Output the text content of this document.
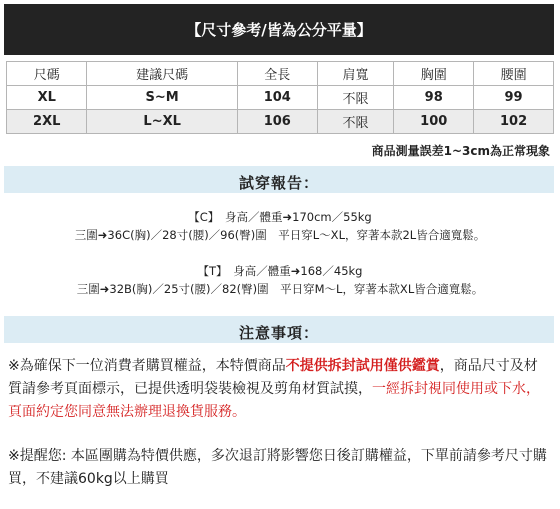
【尺寸參考/皆為公分平量】
尺碼	建議尺碼	全長	肩寬	胸圍	腰圍
XL	S~M	104	不限	98	99
2XL	L~XL	106	不限	100	102
商品測量誤差1~3cm為正常現象
試穿報告：
【C】　身高／體重➜170cm／55kg
三圍➜36C(胸)／28寸(腰)／96(臀)圍　平日穿L～XL，穿著本款2L皆合適寬鬆。
【T】　身高／體重➜168／45kg
三圍➜32B(胸)／25寸(腰)／82(臀)圍　平日穿M～L，穿著本款XL皆合適寬鬆。
注意事項：
※為確保下一位消費者購買權益，本特價商品不提供拆封試用僅供鑑賞，商品尺寸及材質請參考頁面標示，已提供透明袋裝檢視及剪角材質試摸，一經拆封視同使用或下水，頁面約定您同意無法辦理退換貨服務。
※提醒您: 本區團購為特價供應，多次退訂將影響您日後訂購權益，下單前請參考尺寸購買，不建議60kg以上購買
